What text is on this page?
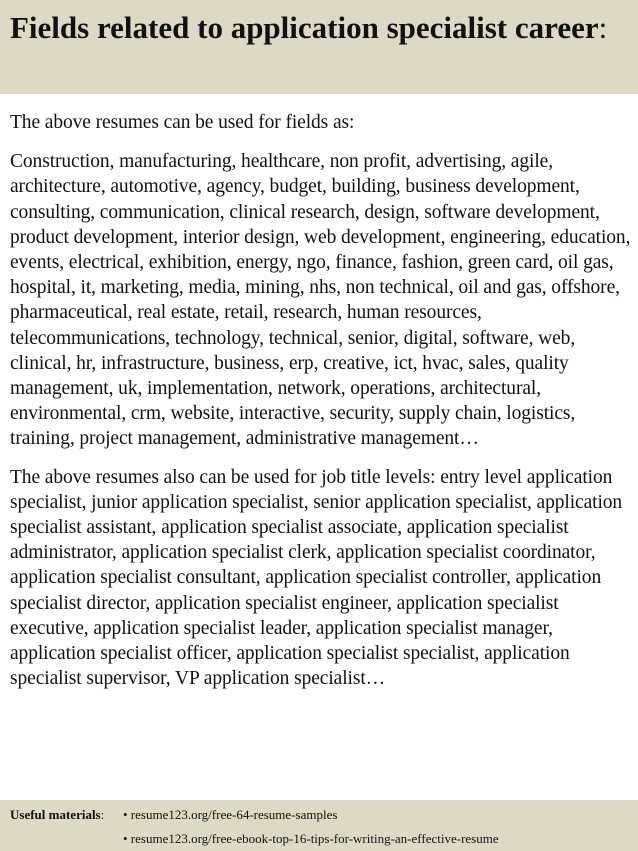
Fields related to application specialist career:

The above resumes can be used for fields as:

Construction, manufacturing, healthcare, non profit, advertising, agile, architecture, automotive, agency, budget, building, business development, consulting, communication, clinical research, design, software development, product development, interior design, web development, engineering, education, events, electrical, exhibition, energy, ngo, finance, fashion, green card, oil gas, hospital, it, marketing, media, mining, nhs, non technical, oil and gas, offshore, pharmaceutical, real estate, retail, research, human resources, telecommunications, technology, technical, senior, digital, software, web, clinical, hr, infrastructure, business, erp, creative, ict, hvac, sales, quality management, uk, implementation, network, operations, architectural, environmental, crm, website, interactive, security, supply chain, logistics, training, project management, administrative management…

The above resumes also can be used for job title levels: entry level application specialist, junior application specialist, senior application specialist, application specialist assistant, application specialist associate, application specialist administrator, application specialist clerk, application specialist coordinator, application specialist consultant, application specialist controller, application specialist director, application specialist engineer, application specialist executive, application specialist leader, application specialist manager, application specialist officer, application specialist specialist, application specialist supervisor, VP application specialist…

Useful materials: • resume123.org/free-64-resume-samples
• resume123.org/free-ebook-top-16-tips-for-writing-an-effective-resume
